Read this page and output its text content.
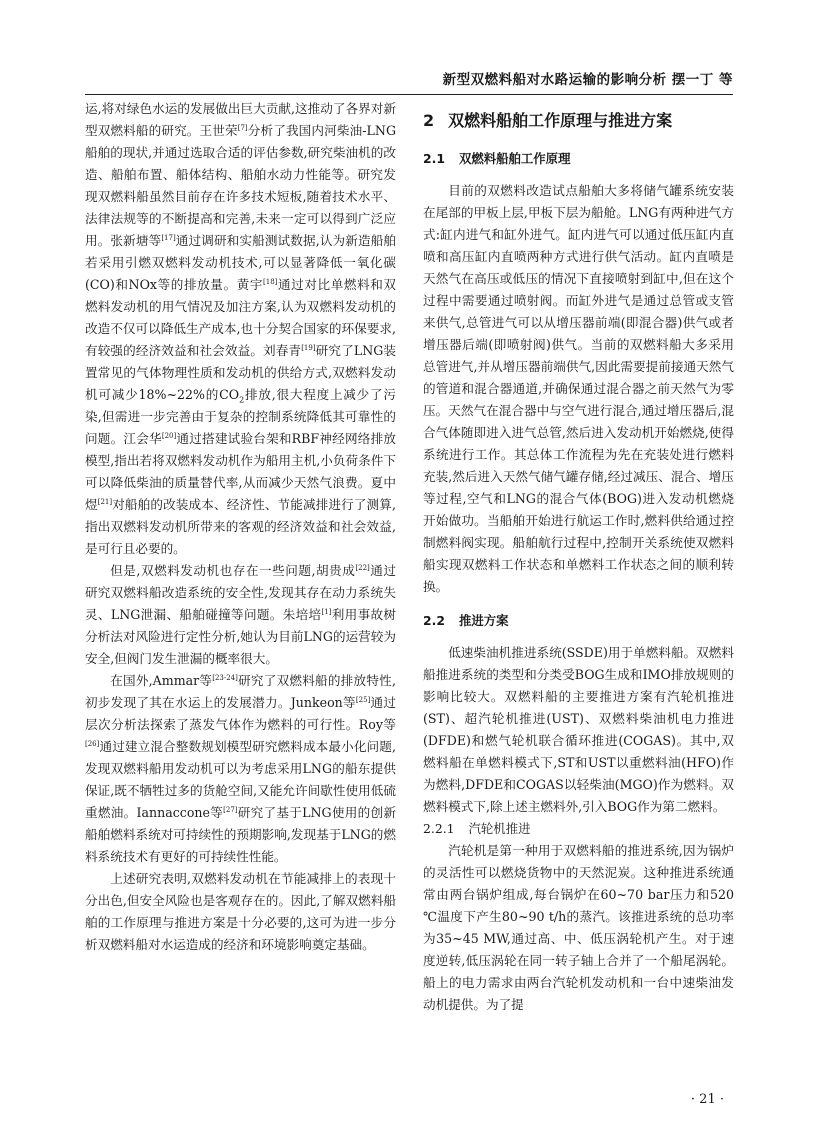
新型双燃料船对水路运输的影响分析 摆一丁 等

运,将对绿色水运的发展做出巨大贡献,这推动了各界对新型双燃料船的研究。王世荣[7]分析了我国内河柴油-LNG船舶的现状,并通过选取合适的评估参数,研究柴油机的改造、船舶布置、船体结构、船舶水动力性能等。研究发现双燃料船虽然目前存在许多技术短板,随着技术水平、法律法规等的不断提高和完善,未来一定可以得到广泛应用。张新塘等[17]通过调研和实船测试数据,认为新造船舶若采用引燃双燃料发动机技术,可以显著降低一氧化碳(CO)和NOx等的排放量。黄宇[18]通过对比单燃料和双燃料发动机的用气情况及加注方案,认为双燃料发动机的改造不仅可以降低生产成本,也十分契合国家的环保要求,有较强的经济效益和社会效益。刘春青[19]研究了LNG装置常见的气体物理性质和发动机的供给方式,双燃料发动机可减少18%~22%的$CO_2$排放,很大程度上减少了污染,但需进一步完善由于复杂的控制系统降低其可靠性的问题。江会华[20]通过搭建试验台架和RBF神经网络排放模型,指出若将双燃料发动机作为船用主机,小负荷条件下可以降低柴油的质量替代率,从而减少天然气浪费。夏中煜[21]对船舶的改装成本、经济性、节能减排进行了测算,指出双燃料发动机所带来的客观的经济效益和社会效益,是可行且必要的。

但是,双燃料发动机也存在一些问题,胡贵成[22]通过研究双燃料船改造系统的安全性,发现其存在动力系统失灵、LNG泄漏、船舶碰撞等问题。朱培培[1]利用事故树分析法对风险进行定性分析,她认为目前LNG的运营较为安全,但阀门发生泄漏的概率很大。

在国外,Ammar等[23-24]研究了双燃料船的排放特性,初步发现了其在水运上的发展潜力。Junkeon等[25]通过层次分析法探索了蒸发气体作为燃料的可行性。Roy等[26]通过建立混合整数规划模型研究燃料成本最小化问题,发现双燃料船用发动机可以为考虑采用LNG的船东提供保证,既不牺牲过多的货舱空间,又能允许间歇性使用低硫重燃油。Iannaccone等[27]研究了基于LNG使用的创新船舶燃料系统对可持续性的预期影响,发现基于LNG的燃料系统技术有更好的可持续性性能。

上述研究表明,双燃料发动机在节能减排上的表现十分出色,但安全风险也是客观存在的。因此,了解双燃料船舶的工作原理与推进方案是十分必要的,这可为进一步分析双燃料船对水运造成的经济和环境影响奠定基础。

2 双燃料船舶工作原理与推进方案
2.1 双燃料船舶工作原理

目前的双燃料改造试点船舶大多将储气罐系统安装在尾部的甲板上层,甲板下层为船舱。LNG有两种进气方式:缸内进气和缸外进气。缸内进气可以通过低压缸内直喷和高压缸内直喷两种方式进行供气活动。缸内直喷是天然气在高压或低压的情况下直接喷射到缸中,但在这个过程中需要通过喷射阀。而缸外进气是通过总管或支管来供气,总管进气可以从增压器前端(即混合器)供气或者增压器后端(即喷射阀)供气。当前的双燃料船大多采用总管进气,并从增压器前端供气,因此需要提前接通天然气的管道和混合器通道,并确保通过混合器之前天然气为零压。天然气在混合器中与空气进行混合,通过增压器后,混合气体随即进入进气总管,然后进入发动机开始燃烧,使得系统进行工作。其总体工作流程为先在充装处进行燃料充装,然后进入天然气储气罐存储,经过减压、混合、增压等过程,空气和LNG的混合气体(BOG)进入发动机燃烧开始做功。当船舶开始进行航运工作时,燃料供给通过控制燃料阀实现。船舶航行过程中,控制开关系统使双燃料船实现双燃料工作状态和单燃料工作状态之间的顺利转换。

2.2 推进方案

低速柴油机推进系统(SSDE)用于单燃料船。双燃料船推进系统的类型和分类受BOG生成和IMO排放规则的影响比较大。双燃料船的主要推进方案有汽轮机推进(ST)、超汽轮机推进(UST)、双燃料柴油机电力推进(DFDE)和燃气轮机联合循环推进(COGAS)。其中,双燃料船在单燃料模式下,ST和UST以重燃料油(HFO)作为燃料,DFDE和COGAS以轻柴油(MGO)作为燃料。双燃料模式下,除上述主燃料外,引入BOG作为第二燃料。

2.2.1 汽轮机推进

汽轮机是第一种用于双燃料船的推进系统,因为锅炉的灵活性可以燃烧货物中的天然泥炭。这种推进系统通常由两台锅炉组成,每台锅炉在60~70 bar压力和520 ℃温度下产生80~90 t/h的蒸汽。该推进系统的总功率为35~45 MW,通过高、中、低压涡轮机产生。对于速度逆转,低压涡轮在同一转子轴上合并了一个船尾涡轮。船上的电力需求由两台汽轮机发动机和一台中速柴油发动机提供。为了提

· 21 ·
